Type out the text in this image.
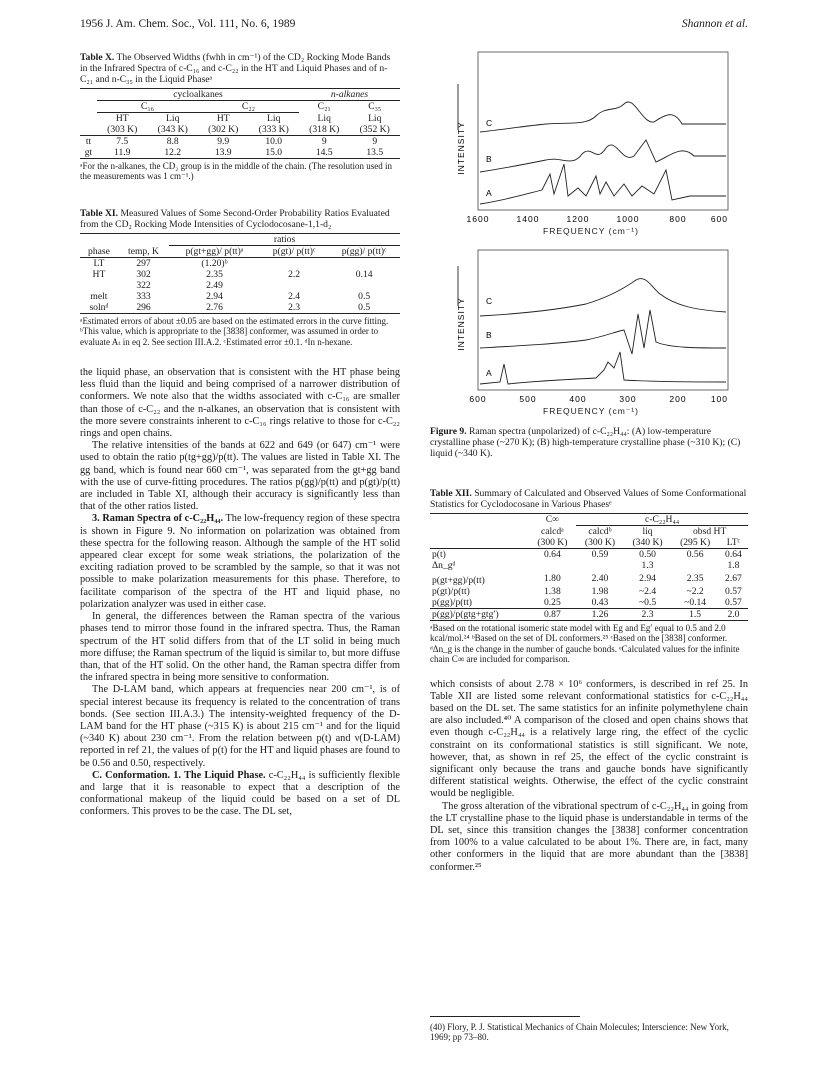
1956 J. Am. Chem. Soc., Vol. 111, No. 6, 1989	Shannon et al.
Table X. The Observed Widths (fwhh in cm⁻¹) of the CD₂ Rocking Mode Bands in the Infrared Spectra of c-C₁₆ and c-C₂₂ in the HT and Liquid Phases and of n-C₂₁ and n-C₃₅ in the Liquid Phaseᵃ
	cycloalkanes				n-alkanes	
	C₁₆		C₂₂		C₂₁	C₃₅
	HT	Liq	HT	Liq	Liq	Liq
	(303 K)	(343 K)	(302 K)	(333 K)	(318 K)	(352 K)
tt	7.5	8.8	9.9	10.0	9	9
gt	11.9	12.2	13.9	15.0	14.5	13.5
ᵃFor the n-alkanes, the CD₂ group is in the middle of the chain. (The resolution used in the measurements was 1 cm⁻¹.)
Table XI. Measured Values of Some Second-Order Probability Ratios Evaluated from the CD₂ Rocking Mode Intensities of Cyclodocosane-1,1-d₂
		ratios		
phase	temp, K	p(gt+gg)/ p(tt)ᵃ	p(gt)/ p(tt)ᶜ	p(gg)/ p(tt)ᶜ
LT	297	(1.20)ᵇ		
HT	302	2.35	2.2	0.14
	322	2.49		
melt	333	2.94	2.4	0.5
solnᵈ	296	2.76	2.3	0.5
ᵃEstimated errors of about ±0.05 are based on the estimated errors in the curve fitting. ᵇThis value, which is appropriate to the [3838] conformer, was assumed in order to evaluate Aₜ in eq 2. See section III.A.2. ᶜEstimated error ±0.1. ᵈIn n-hexane.

the liquid phase, an observation that is consistent with the HT phase being less fluid than the liquid and being comprised of a narrower distribution of conformers. We note also that the widths associated with c-C₁₆ are smaller than those of c-C₂₂ and the n-alkanes, an observation that is consistent with the more severe constraints inherent to c-C₁₆ rings relative to those for c-C₂₂ rings and open chains.

The relative intensities of the bands at 622 and 649 (or 647) cm⁻¹ were used to obtain the ratio p(tg+gg)/p(tt). The values are listed in Table XI. The gg band, which is found near 660 cm⁻¹, was separated from the gt+gg band with the use of curve-fitting procedures. The ratios p(gg)/p(tt) and p(gt)/p(tt) are included in Table XI, although their accuracy is significantly less than that of the other ratios listed.

3. Raman Spectra of c-C₂₂H₄₄. The low-frequency region of these spectra is shown in Figure 9. No information on polarization was obtained from these spectra for the following reason. Although the sample of the HT solid appeared clear except for some weak striations, the polarization of the exciting radiation proved to be scrambled by the sample, so that it was not possible to make polarization measurements for this phase. Therefore, to facilitate comparison of the spectra of the HT and liquid phase, no polarization analyzer was used in either case.

In general, the differences between the Raman spectra of the various phases tend to mirror those found in the infrared spectra. Thus, the Raman spectrum of the HT solid differs from that of the LT solid in being much more diffuse; the Raman spectrum of the liquid is similar to, but more diffuse than, that of the HT solid. On the other hand, the Raman spectra differ from the infrared spectra in being more sensitive to conformation.

The D-LAM band, which appears at frequencies near 200 cm⁻¹, is of special interest because its frequency is related to the concentration of trans bonds. (See section III.A.3.) The intensity-weighted frequency of the D-LAM band for the HT phase (~315 K) is about 215 cm⁻¹ and for the liquid (~340 K) about 230 cm⁻¹. From the relation between p(t) and ν(D-LAM) reported in ref 21, the values of p(t) for the HT and liquid phases are found to be 0.56 and 0.50, respectively.

C. Conformation. 1. The Liquid Phase. c-C₂₂H₄₄ is sufficiently flexible and large that it is reasonable to expect that a description of the conformational makeup of the liquid could be based on a set of DL conformers. This proves to be the case. The DL set,

INTENSITY C
B
A
1600	1400	1200	1000	800	600
FREQUENCY (cm⁻¹)
INTENSITY C
B
A
600	500	400	300	200	100
FREQUENCY (cm⁻¹)
Figure 9. Raman spectra (unpolarized) of c-C₂₂H₄₄: (A) low-temperature crystalline phase (~270 K); (B) high-temperature crystalline phase (~310 K); (C) liquid (~340 K).
Table XII. Summary of Calculated and Observed Values of Some Conformational Statistics for Cyclodocosane in Various Phasesᵉ
	C∞	c-C₂₂H₄₄			
	calcdᵃ	calcdᵇ	liq	obsd HT	
	(300 K)	(300 K)	(340 K)	(295 K)	LTᶜ
p(t)	0.64	0.59	0.50	0.56	0.64
Δn_gᵈ			1.3		1.8
p(gt+gg)/p(tt)	1.80	2.40	2.94	2.35	2.67
p(gt)/p(tt)	1.38	1.98	~2.4	~2.2	0.57
p(gg)/p(tt)	0.25	0.43	~0.5	~0.14	0.57
p(gg)/p(gtg+gtg′)	0.87	1.26	2.3	1.5	2.0
ᵃBased on the rotational isomeric state model with Eg and Eg′ equal to 0.5 and 2.0 kcal/mol.²⁴ ᵇBased on the set of DL conformers.²⁵ ᶜBased on the [3838] conformer. ᵈΔn_g is the change in the number of gauche bonds. ᵉCalculated values for the infinite chain C∞ are included for comparison.

which consists of about 2.78 × 10⁶ conformers, is described in ref 25. In Table XII are listed some relevant conformational statistics for c-C₂₂H₄₄ based on the DL set. The same statistics for an infinite polymethylene chain are also included.⁴⁰ A comparison of the closed and open chains shows that even though c-C₂₂H₄₄ is a relatively large ring, the effect of the cyclic constraint on its conformational statistics is still significant. We note, however, that, as shown in ref 25, the effect of the cyclic constraint is significant only because the trans and gauche bonds have significantly different statistical weights. Otherwise, the effect of the cyclic constraint would be negligible.

The gross alteration of the vibrational spectrum of c-C₂₂H₄₄ in going from the LT crystalline phase to the liquid phase is understandable in terms of the DL set, since this transition changes the [3838] conformer concentration from 100% to a value calculated to be about 1%. There are, in fact, many other conformers in the liquid that are more abundant than the [3838] conformer.²⁵

(40) Flory, P. J. Statistical Mechanics of Chain Molecules; Interscience: New York, 1969; pp 73–80.
